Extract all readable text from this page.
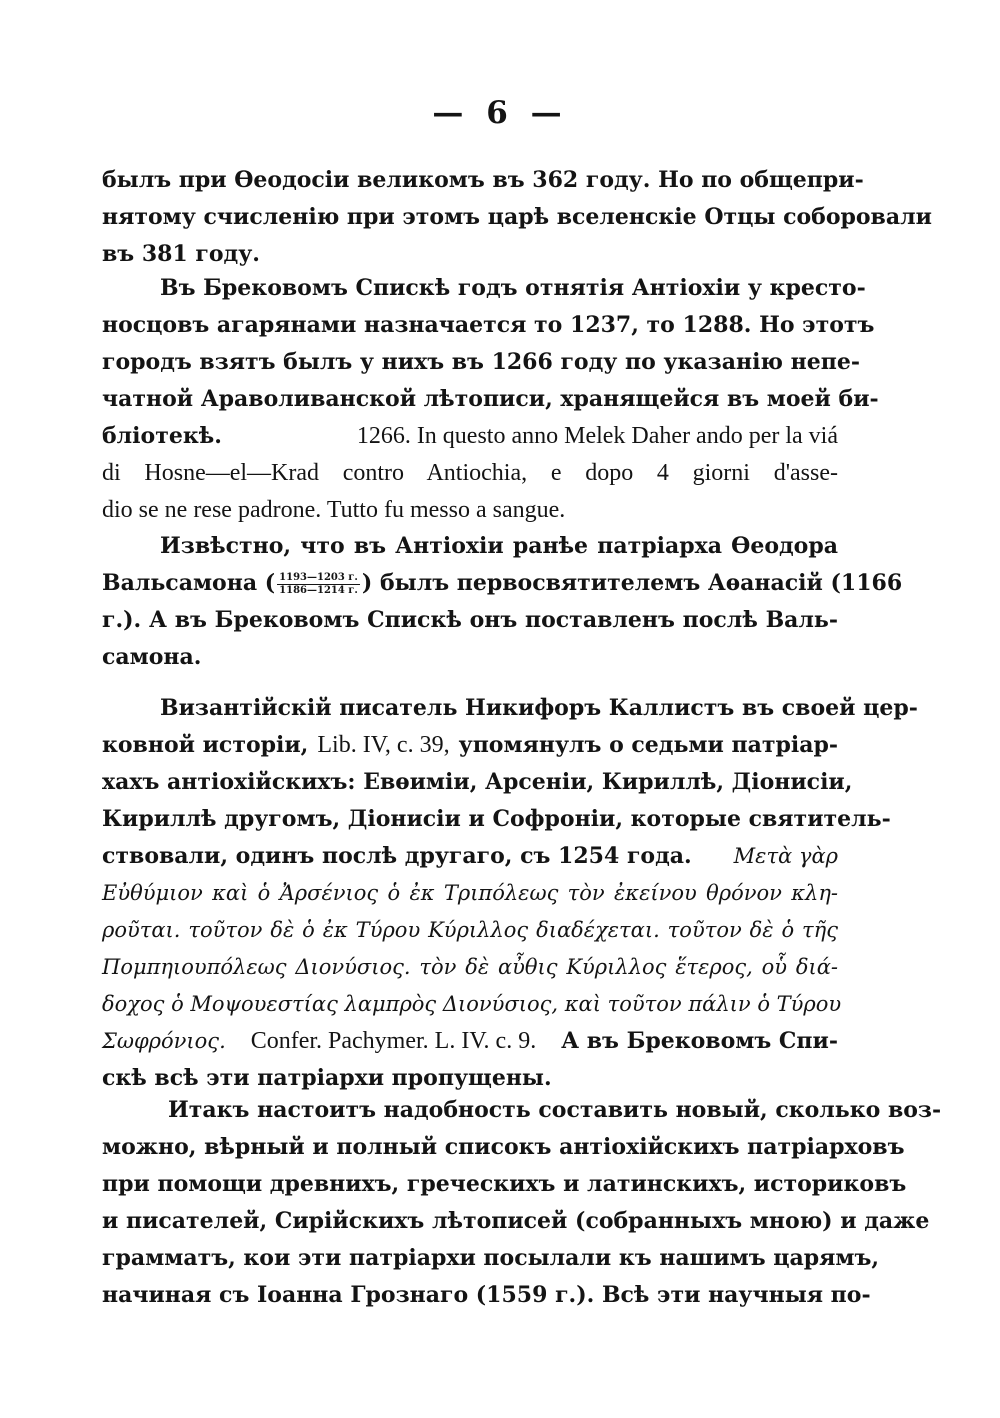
— 6 —
былъ при Ѳеодосіи великомъ въ 362 году. Но по общепри-
нятому счисленію при этомъ царѣ вселенскіе Отцы соборовали
въ 381 году.
Въ Брековомъ Спискѣ годъ отнятія Антіохіи у кресто-
носцовъ агарянами назначается то 1237, то 1288. Но этотъ
городъ взятъ былъ у нихъ въ 1266 году по указанію непе-
чатной Араволиванской лѣтописи, хранящейся въ моей би-
бліотекѣ.	1266. In questo anno Melek Daher ando per la viá
di Hosne—el—Krad contro Antiochia, e dopo 4 giorni d'asse-
dio se ne rese padrone. Tutto fu messo a sangue.
Извѣстно, что въ Антіохіи ранѣе патріарха Ѳеодора
Вальсамона ( $\frac{1193—1203 г.}{1186—1214 г.}$ ) былъ первосвятителемъ Аѳанасій (1166
г.). А въ Брековомъ Спискѣ онъ поставленъ послѣ Валь-
самона.
Византійскій писатель Никифоръ Каллистъ въ своей цер-
ковной исторіи, Lib. IV, c. 39, упомянулъ о седьми патріар-
хахъ антіохійскихъ: Евѳиміи, Арсеніи, Кириллѣ, Діонисіи,
Кириллѣ другомъ, Діонисіи и Софроніи, которые святитель-
ствовали, одинъ послѣ другаго, съ 1254 года. Μετὰ γὰρ
Εὐθύμιον καὶ ὁ Ἀρσένιος ὁ ἐκ Τριπόλεως τὸν ἐκείνου θρόνον κλη-
ροῦται. τοῦτον δὲ ὁ ἐκ Τύρου Κύριλλος διαδέχεται. τοῦτον δὲ ὁ τῆς
Πομπηιουπόλεως Διονύσιος. τὸν δὲ αὖθις Κύριλλος ἕτερος, οὗ διά-
δοχος ὁ Μοψουεστίας λαμπρὸς Διονύσιος, καὶ τοῦτον πάλιν ὁ Τύρου
Σωφρόνιος. Confer. Pachymer. L. IV. c. 9. А въ Брековомъ Спи-
скѣ всѣ эти патріархи пропущены.
Итакъ настоитъ надобность составить новый, сколько воз-
можно, вѣрный и полный списокъ антіохійскихъ патріарховъ
при помощи древнихъ, греческихъ и латинскихъ, историковъ
и писателей, Сирійскихъ лѣтописей (собранныхъ мною) и даже
грамматъ, кои эти патріархи посылали къ нашимъ царямъ,
начиная съ Іоанна Грознаго (1559 г.). Всѣ эти научныя по-
